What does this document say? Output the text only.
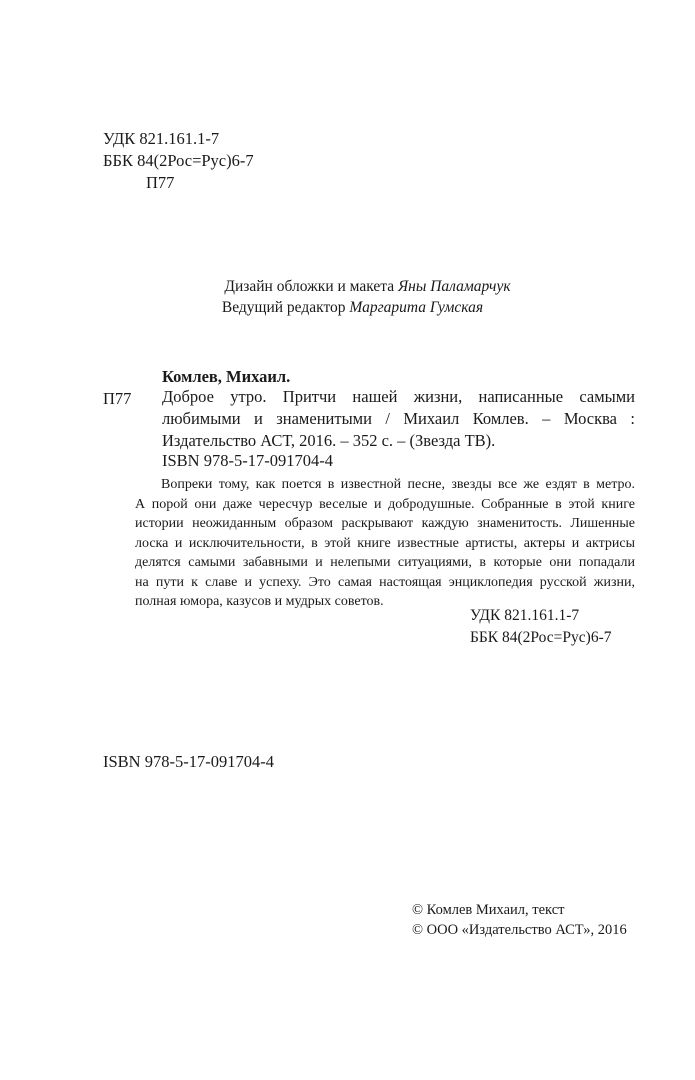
УДК 821.161.1-7
ББК 84(2Рос=Рус)6-7
П77
Дизайн обложки и макета Яны Паламарчук
Ведущий редактор Маргарита Гумская
Комлев, Михаил.
П77 Доброе утро. Притчи нашей жизни, написанные самыми
любимыми и знаменитыми / Михаил Комлев. – Москва :
Издательство АСТ, 2016. – 352 с. – (Звезда ТВ).
ISBN 978-5-17-091704-4
Вопреки тому, как поется в известной песне, звезды все же ездят в метро.
А порой они даже чересчур веселые и добродушные. Собранные в этой книге
истории неожиданным образом раскрывают каждую знаменитость. Лишенные
лоска и исключительности, в этой книге известные артисты, актеры и актрисы
делятся самыми забавными и нелепыми ситуациями, в которые они попадали
на пути к славе и успеху. Это самая настоящая энциклопедия русской жизни,
полная юмора, казусов и мудрых советов.
УДК 821.161.1-7
ББК 84(2Рос=Рус)6-7
ISBN 978-5-17-091704-4
© Комлев Михаил, текст
© ООО «Издательство АСТ», 2016
